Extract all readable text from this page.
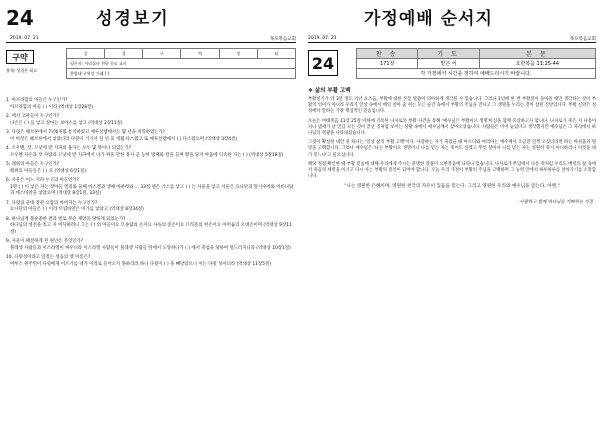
24	성경보기
2019. 07. 21	목포복음교회
구약
출제: 성경은 최고
성	경	구	역	정	답
평론자: 서리집사 전향 등도 교사
찬양대 구역장 가래 ( )
1. 아브라함의 아들은 누구인가?
아브라함의 아들 ( ) 이라 (역대상 1장28절)
2. 에서 고관들이 누구인가?
나손은 ( ) 를 낳고 살마는 보아스를 낳고 (역대상 2장11절)
3. 다윗은 헤브론에서 7년6개월 통치하였고 예루살렘에서는 몇 년을 치리하였는가?
이 여섯은 헤브론에서 낳았더라 다윗이 거기서 칠 년 육 개월 다스렸고 또 예루살렘에서 ( ) 다스렸으며 (역대상 3장4절)
4. 르우벤, 갓, 므낫세 반 지파의 용사는 모두 몇 명이나 되었는가?
르우벤 자손과 갓 사람과 므낫세 반 지파에서 나가 싸울 만한 용사 곧 능히 방패와 칼을 들며 활을 당겨 싸움에 익숙한 자는 ( ) (역대상 5장18절)
5. 레위의 아들은 누구인가?
레위의 아들들은 ( ) 요 (역대상 6장1절)
6. 사울은 어느 지파 누구의 아들인가?
1명 ( ) 이 낳은 자는 장아들 엘리와 둘째 아스켈과 셋째 아하라와 ... 33절 넬은 기스를 낳고 ( ) 는 사울을 낳고 사울은 요나단과 말기수아와 아비나답과 에스바알을 낳았으며 (역대상 8장1절, 33절)
7. 다윗의 군대 장관 요압의 아버지는 누구인가?
요나단의 아들은 ( ) 이라 므립바알은 미가를 낳았고 (역대상 8장34절)
8. 하나님께 불순종한 결과 벌로 무슨 재앙을 당하게 되었는가?
하나님의 성전을 짓고 자 여사하려니 그는 ( ) 의 아들이요 므솔람의 손자요 사독의 증손이요 므라욧의 현손이요 아히둡의 오대손이며 (역대상 9장11절)
9. 사울이 패전하게 된 원인은 무엇인가?
블레셋 사람들과 이스라엘이 싸우니라 이스라엘 사람들이 블레셋 사람들 앞에서 도망하다가 ( ) 에서 죽임을 당하여 엎드러지니라 (역대상 10장1절)
10. 다윗성이라고 일컬는 성읍의 옛 이름은?
여부스 원주민이 다윗에게 이르기를 네가 이리로 들어오지 못하리라 하나 다윗이 ( ) 을 빼앗았으니 이는 다윗 성이더라 (역대상 11장5절)
가정예배 순서지
2019. 07. 21	목포복음교회
24	찬 송	기 도	본 문
171장	맡은 이	요한복음 11:25-44
각 가정에서 시간을 정하여 예배드리시기 바랍니다.		
❖ 삶의 부활 고백

부활절기가 약 3달 정도 지난 요즈음, 부활에 대한 본문 말씀이 의아하게 생각될 수 있습니다. 그러나 1년에 한 번 부활절이 돌아올 때만 생각하는 것이 부활의 의미가 아니라 우리가 일상 속에서 매일 살아 숨 쉬는 모든 순간 속에서 부활의 주님을 만나고 그 생명을 누리는 것이 참된 신앙입니다. 부활 신앙은 성경에서 말하는 가장 핵심적인 믿음입니다.

오늘은 마태복음 11장 25절 이하에 기록된 나사로의 부활 사건을 통해 '예수님은 부활이요 생명'이심을 함께 묵상하고자 합니다. 나사로가 죽은 지 나흘이 지나 냄새가 날 만큼 모든 것이 끝난 것처럼 보이는 상황 속에서 예수님께서 찾아오셨습니다. 사람들은 이미 늦었다고 생각했지만 예수님은 그 자리에서 하나님의 영광을 나타내셨습니다.

그것이 확실한 대안 중 하나는 '일상 삶의 부활 고백'이다. 사랑하는 자가 죽었을 때 마르다와 마리아는 예수께서 조금만 일찍 오셨더라면 하는 아쉬움과 원망을 고백합니다. 그러나 예수님은 '나는 부활이요 생명이니 나를 믿는 자는 죽어도 살겠고 무릇 살아서 나를 믿는 자는 영원히 죽지 아니하리니 이것을 네가 믿느냐'고 물으십니다.

해당 정점 확인한 때 부활 믿음에 대해 우리에게 주시는 분명한 말씀이 요한복음에 나타나 있습니다. 나사로가 무덤에서 나온 것처럼 우리도 매일의 삶 속에서 죽음의 세력을 이기고 다시 사는 부활의 증인이 되어야 합니다. 오늘 우리 가정이 부활의 주님을 고백하며 그 능력 안에서 하루하루를 살아가기를 소망합니다.

"나는 영원한 은혜이며, 영원한 천국의 자유이 있음을 믿는다. 그리고 영원한 우리의 예수님을 믿는다. 아멘."

- 사랑하고 함께 하나님을 기뻐하는 가정 -
